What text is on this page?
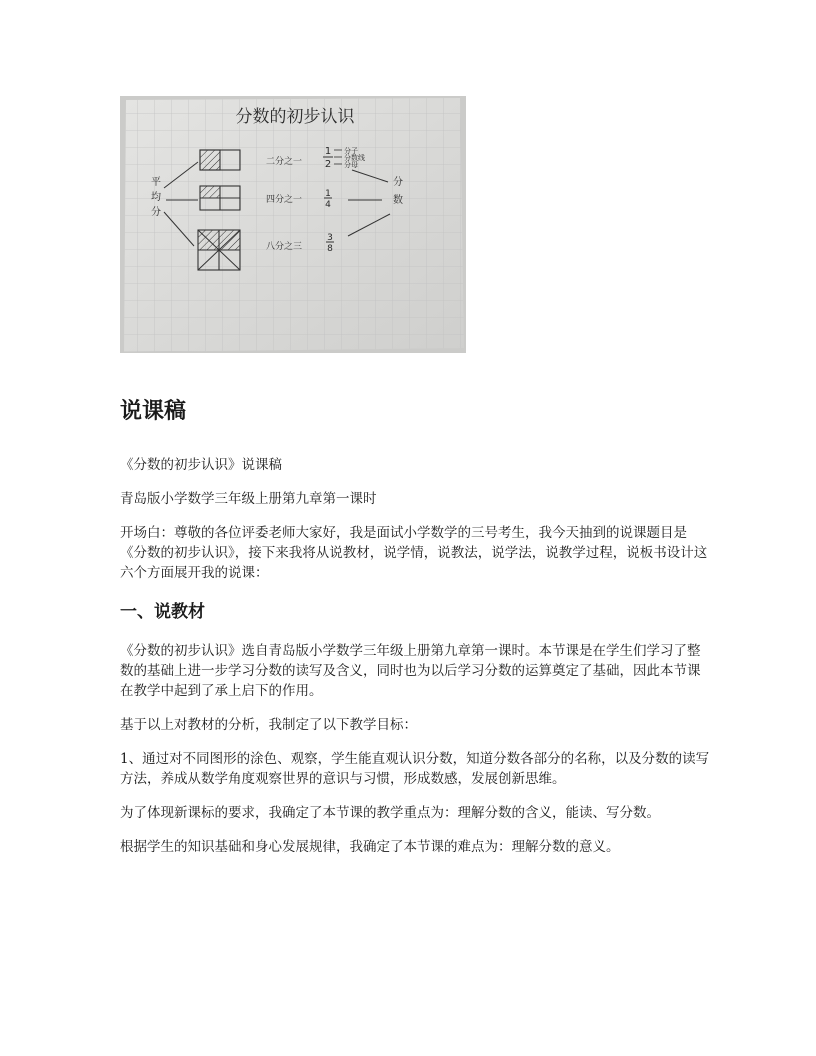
分数的初步认识
平均分
二分之一
四分之一
八分之三
1
2
1
4
3
8
分子
分数线
分母
分数
说课稿

《分数的初步认识》说课稿

青岛版小学数学三年级上册第九章第一课时

开场白：尊敬的各位评委老师大家好，我是面试小学数学的三号考生，我今天抽到的说课题目是《分数的初步认识》，接下来我将从说教材，说学情，说教法，说学法，说教学过程，说板书设计这六个方面展开我的说课：

一、说教材

《分数的初步认识》选自青岛版小学数学三年级上册第九章第一课时。本节课是在学生们学习了整数的基础上进一步学习分数的读写及含义，同时也为以后学习分数的运算奠定了基础，因此本节课在教学中起到了承上启下的作用。

基于以上对教材的分析，我制定了以下教学目标：

1、通过对不同图形的涂色、观察，学生能直观认识分数，知道分数各部分的名称，以及分数的读写方法，养成从数学角度观察世界的意识与习惯，形成数感，发展创新思维。

为了体现新课标的要求，我确定了本节课的教学重点为：理解分数的含义，能读、写分数。

根据学生的知识基础和身心发展规律，我确定了本节课的难点为：理解分数的意义。
